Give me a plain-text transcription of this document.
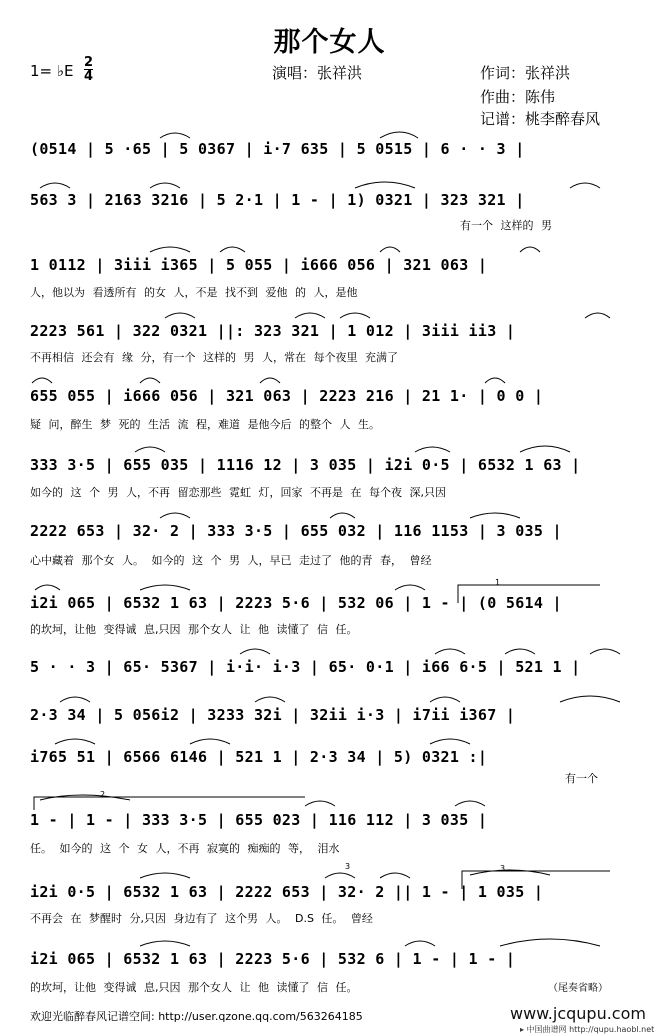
那个女人
1= ♭E 2
4	演唱：张祥洪	作词：张祥洪
作曲：陈伟
记谱：桃李醉春风
(0514 | 5 ·65 | 5 0367 | i·7 635 | 5 0515 | 6 · · 3 |
563 3 | 2163 3216 | 5 2·1 | 1 - | 1) 0321 | 323 321 |
有一个 这样的 男
1 0112 | 3iii i365 | 5 055 | i666 056 | 321 063 |
人，他以为 看透所有 的女 人，不是 找不到 爱他 的 人，是他
2223 561 | 322 0321 ||: 323 321 | 1 012 | 3iii ii3 |
不再相信 还会有 缘 分，有一个 这样的 男 人，常在 每个夜里 充满了
655 055 | i666 056 | 321 063 | 2223 216 | 21 1· | 0 0 |
疑 问，醉生 梦 死的 生活 流 程，难道 是他今后 的整个 人 生。
333 3·5 | 655 035 | 1116 12 | 3 035 | i2i 0·5 | 6532 1 63 |
如今的 这 个 男 人，不再 留恋那些 霓虹 灯，回家 不再是 在 每个夜 深,只因
2222 653 | 32· 2 | 333 3·5 | 655 032 | 116 1153 | 3 035 |
心中藏着 那个女 人。 如今的 这 个 男 人，早已 走过了 他的青 春， 曾经
i2i 065 | 6532 1 63 | 2223 5·6 | 532 06 | 1 - | (0 5614 |
的坎坷，让他 变得诚 息,只因 那个女人 让 他 读懂了 信 任。
5 · · 3 | 65· 5367 | i·i· i·3 | 65· 0·1 | i66 6·5 | 521 1 |
2·3 34 | 5 056i2 | 3233 32i | 32ii i·3 | i7ii i367 |
i765 51 | 6566 6146 | 521 1 | 2·3 34 | 5) 0321 :|
有一个
1 - | 1 - | 333 3·5 | 655 023 | 116 112 | 3 035 |
任。 如今的 这 个 女 人，不再 寂寞的 痴痴的 等， 泪水
i2i 0·5 | 6532 1 63 | 2222 653 | 32· 2 || 1 - | 1 035 |
不再会 在 梦醒时 分,只因 身边有了 这个男 人。 D.S 任。 曾经
i2i 065 | 6532 1 63 | 2223 5·6 | 532 6 | 1 - | 1 - |
的坎坷，让他 变得诚 息,只因 那个女人 让 他 读懂了 信 任。	（尾奏省略）
1
2
3
3
欢迎光临醉春风记谱空间: http://user.qzone.qq.com/563264185	www.jcqupu.com
▸ 中国曲谱网 http://qupu.haobl.net
